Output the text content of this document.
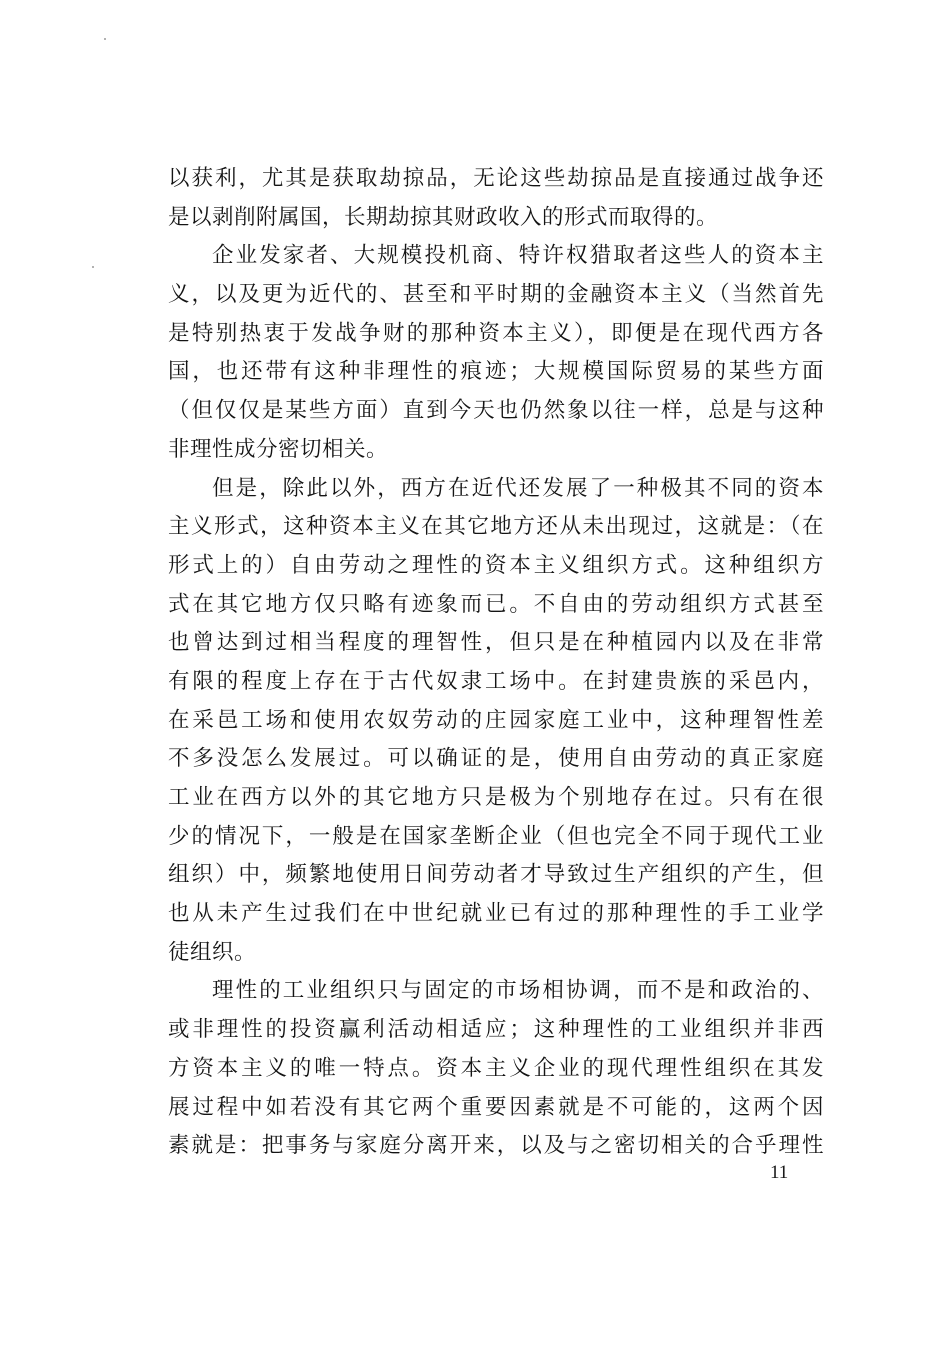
以获利，尤其是获取劫掠品，无论这些劫掠品是直接通过战争还
是以剥削附属国，长期劫掠其财政收入的形式而取得的。
企业发家者、大规模投机商、特许权猎取者这些人的资本主
义，以及更为近代的、甚至和平时期的金融资本主义（当然首先
是特别热衷于发战争财的那种资本主义），即便是在现代西方各
国，也还带有这种非理性的痕迹；大规模国际贸易的某些方面
（但仅仅是某些方面）直到今天也仍然象以往一样，总是与这种
非理性成分密切相关。
但是，除此以外，西方在近代还发展了一种极其不同的资本
主义形式，这种资本主义在其它地方还从未出现过，这就是：（在
形式上的）自由劳动之理性的资本主义组织方式。这种组织方
式在其它地方仅只略有迹象而已。不自由的劳动组织方式甚至
也曾达到过相当程度的理智性，但只是在种植园内以及在非常
有限的程度上存在于古代奴隶工场中。在封建贵族的采邑内，
在采邑工场和使用农奴劳动的庄园家庭工业中，这种理智性差
不多没怎么发展过。可以确证的是，使用自由劳动的真正家庭
工业在西方以外的其它地方只是极为个别地存在过。只有在很
少的情况下，一般是在国家垄断企业（但也完全不同于现代工业
组织）中，频繁地使用日间劳动者才导致过生产组织的产生，但
也从未产生过我们在中世纪就业已有过的那种理性的手工业学
徒组织。
理性的工业组织只与固定的市场相协调，而不是和政治的、
或非理性的投资赢利活动相适应；这种理性的工业组织并非西
方资本主义的唯一特点。资本主义企业的现代理性组织在其发
展过程中如若没有其它两个重要因素就是不可能的，这两个因
素就是：把事务与家庭分离开来，以及与之密切相关的合乎理性
11
